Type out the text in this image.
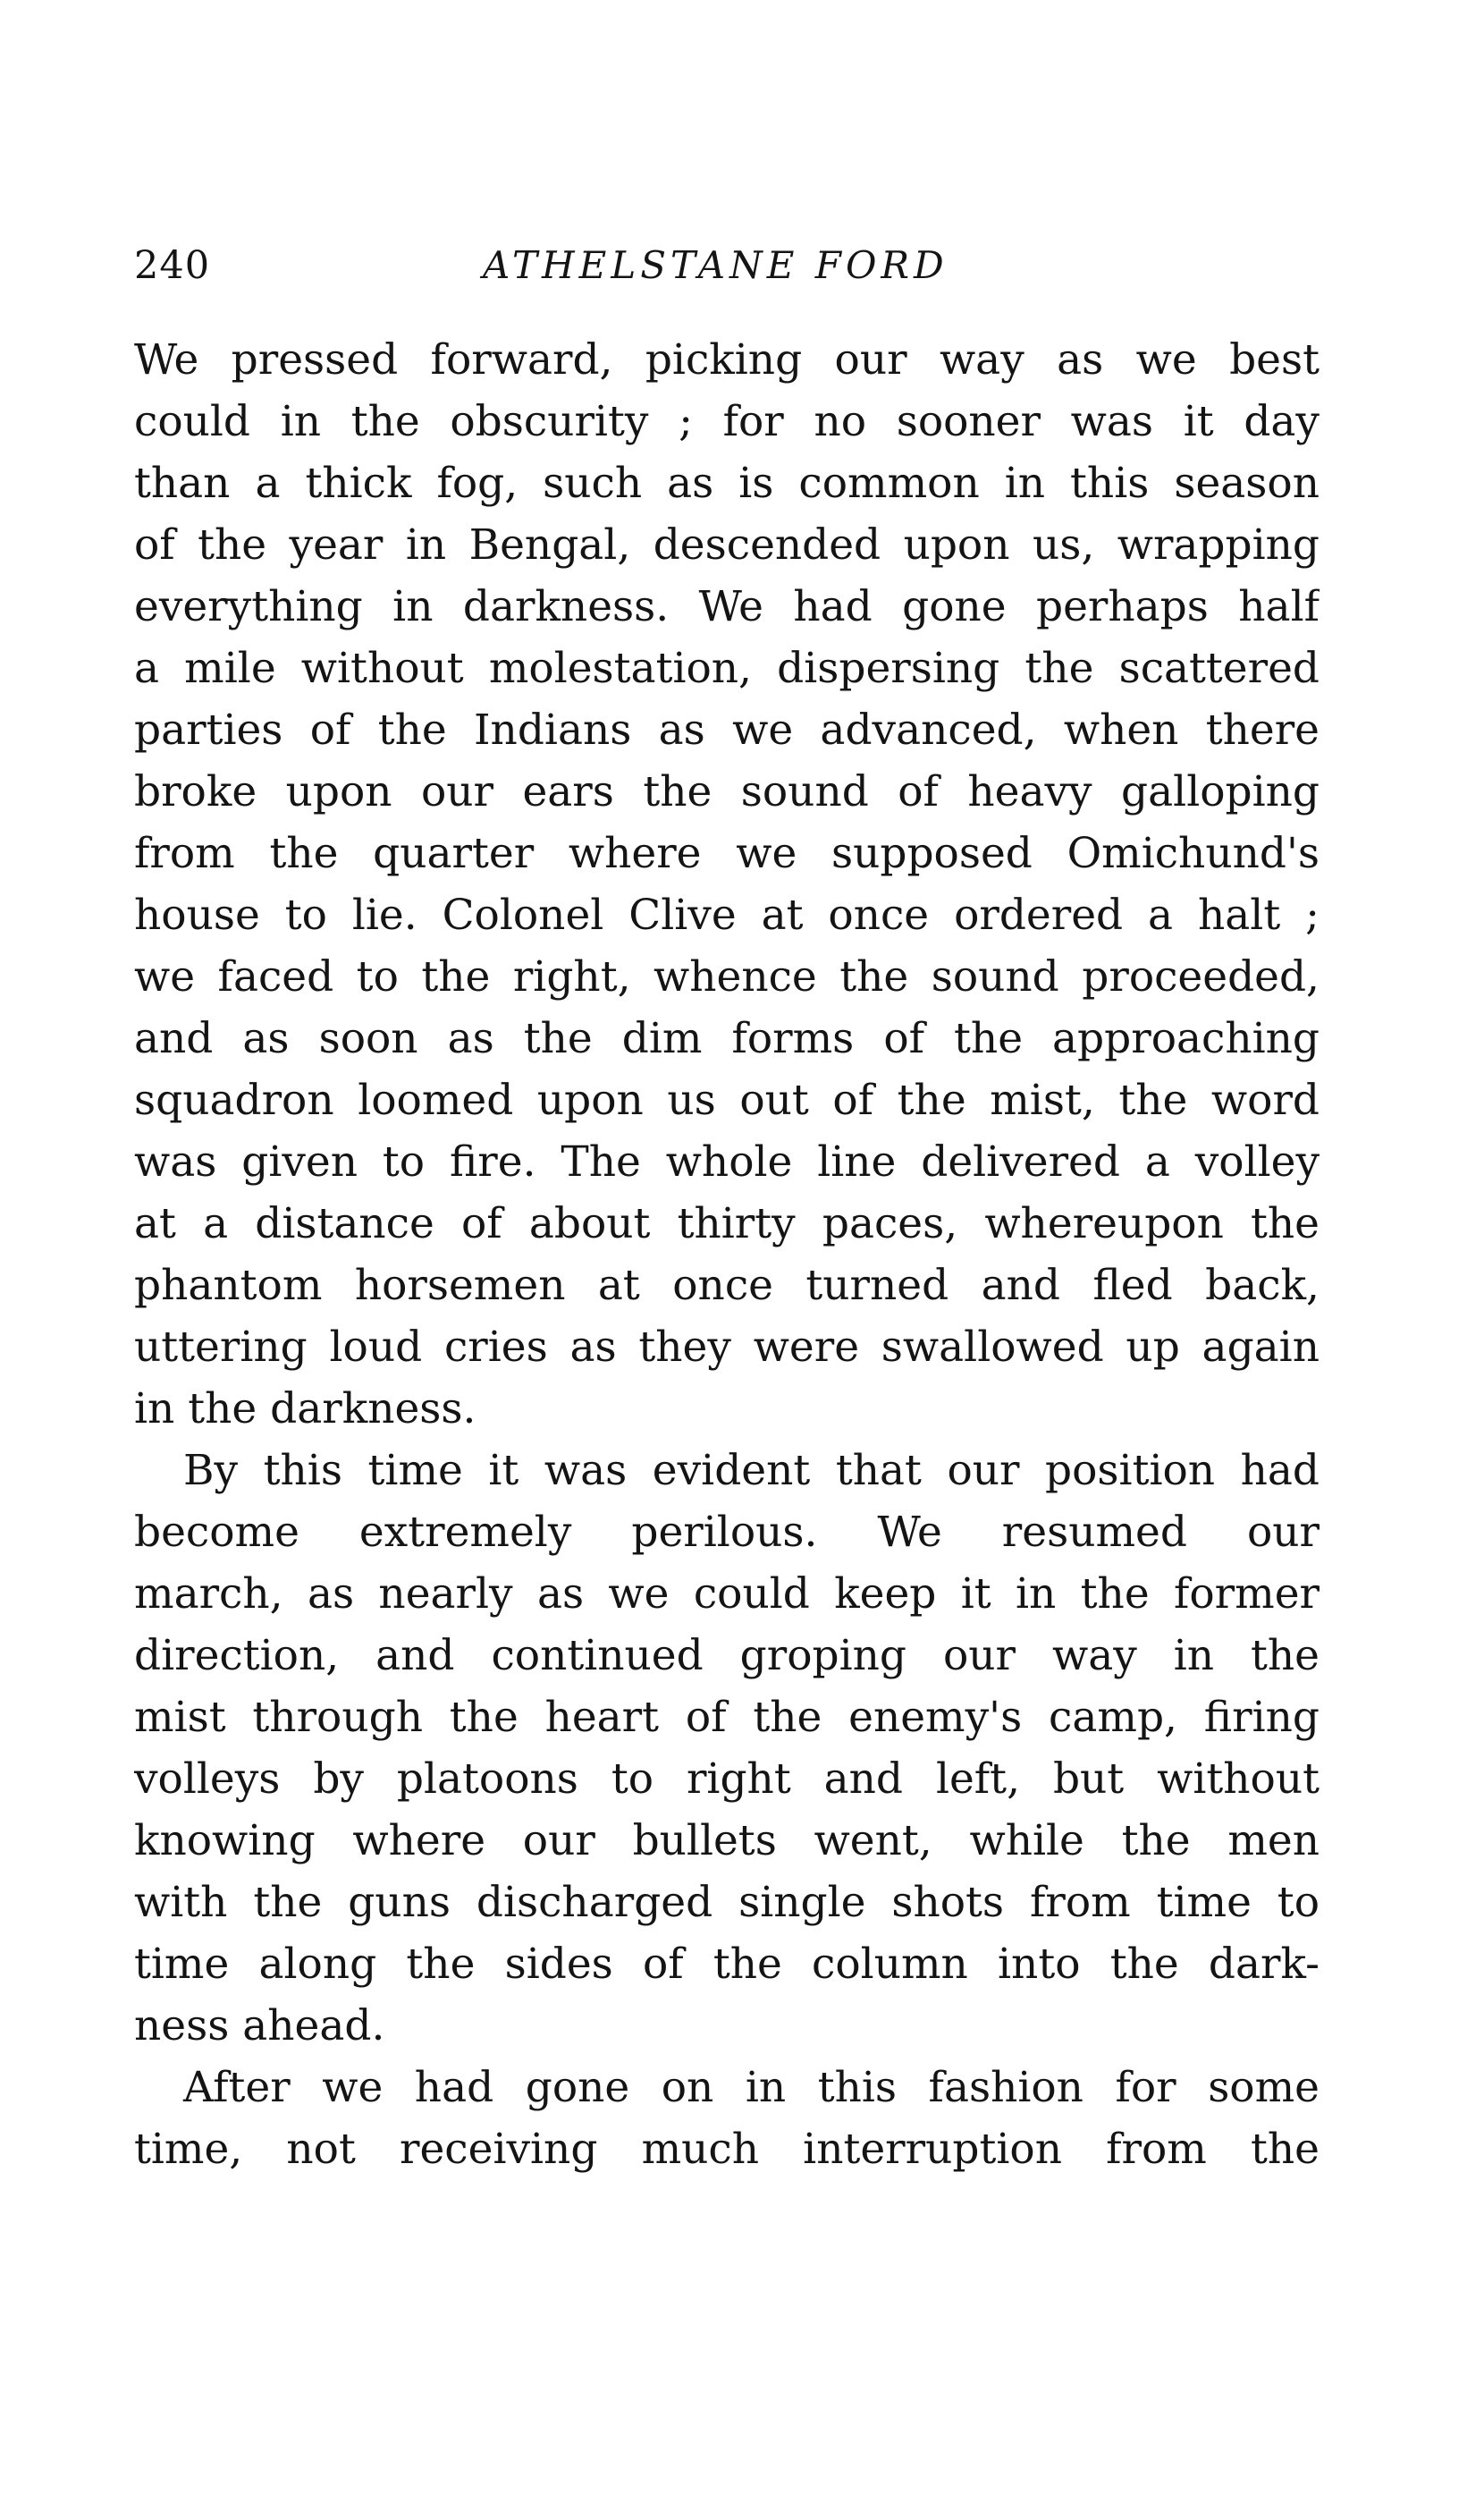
240	ATHELSTANE FORD
We pressed forward, picking our way as we best
could in the obscurity ; for no sooner was it day
than a thick fog, such as is common in this season
of the year in Bengal, descended upon us, wrapping
everything in darkness. We had gone perhaps half
a mile without molestation, dispersing the scattered
parties of the Indians as we advanced, when there
broke upon our ears the sound of heavy galloping
from the quarter where we supposed Omichund's
house to lie. Colonel Clive at once ordered a halt ;
we faced to the right, whence the sound proceeded,
and as soon as the dim forms of the approaching
squadron loomed upon us out of the mist, the word
was given to fire. The whole line delivered a volley
at a distance of about thirty paces, whereupon the
phantom horsemen at once turned and fled back,
uttering loud cries as they were swallowed up again
in the darkness.
By this time it was evident that our position had
become extremely perilous. We resumed our
march, as nearly as we could keep it in the former
direction, and continued groping our way in the
mist through the heart of the enemy's camp, firing
volleys by platoons to right and left, but without
knowing where our bullets went, while the men
with the guns discharged single shots from time to
time along the sides of the column into the dark-
ness ahead.
After we had gone on in this fashion for some
time, not receiving much interruption from the
